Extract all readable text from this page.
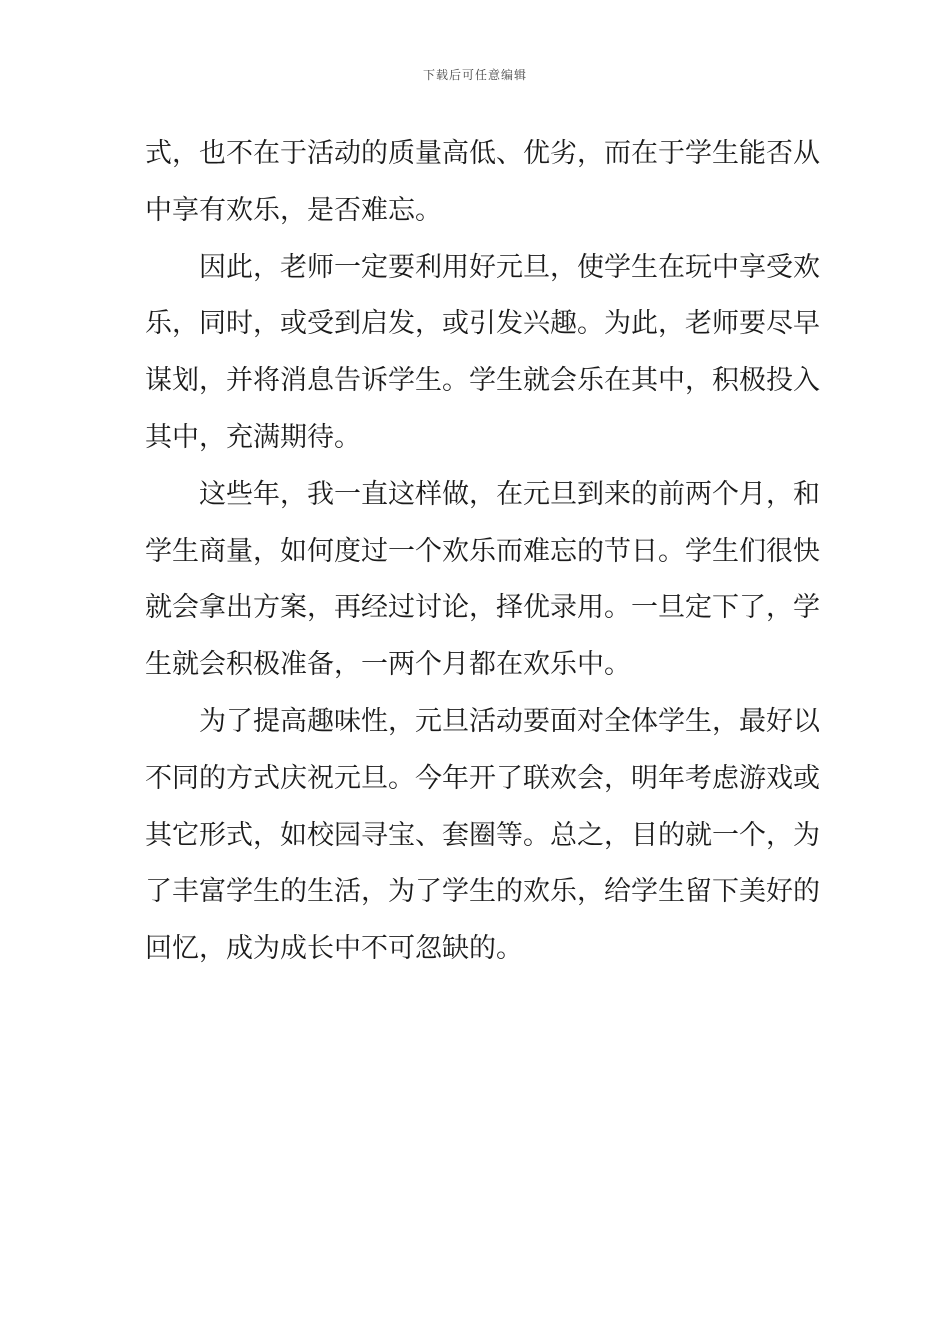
下载后可任意编辑
式，也不在于活动的质量高低、优劣，而在于学生能否从
中享有欢乐，是否难忘。
因此，老师一定要利用好元旦，使学生在玩中享受欢
乐，同时，或受到启发，或引发兴趣。为此，老师要尽早
谋划，并将消息告诉学生。学生就会乐在其中，积极投入
其中，充满期待。
这些年，我一直这样做，在元旦到来的前两个月，和
学生商量，如何度过一个欢乐而难忘的节日。学生们很快
就会拿出方案，再经过讨论，择优录用。一旦定下了，学
生就会积极准备，一两个月都在欢乐中。
为了提高趣味性，元旦活动要面对全体学生，最好以
不同的方式庆祝元旦。今年开了联欢会，明年考虑游戏或
其它形式，如校园寻宝、套圈等。总之，目的就一个，为
了丰富学生的生活，为了学生的欢乐，给学生留下美好的
回忆，成为成长中不可忽缺的。
